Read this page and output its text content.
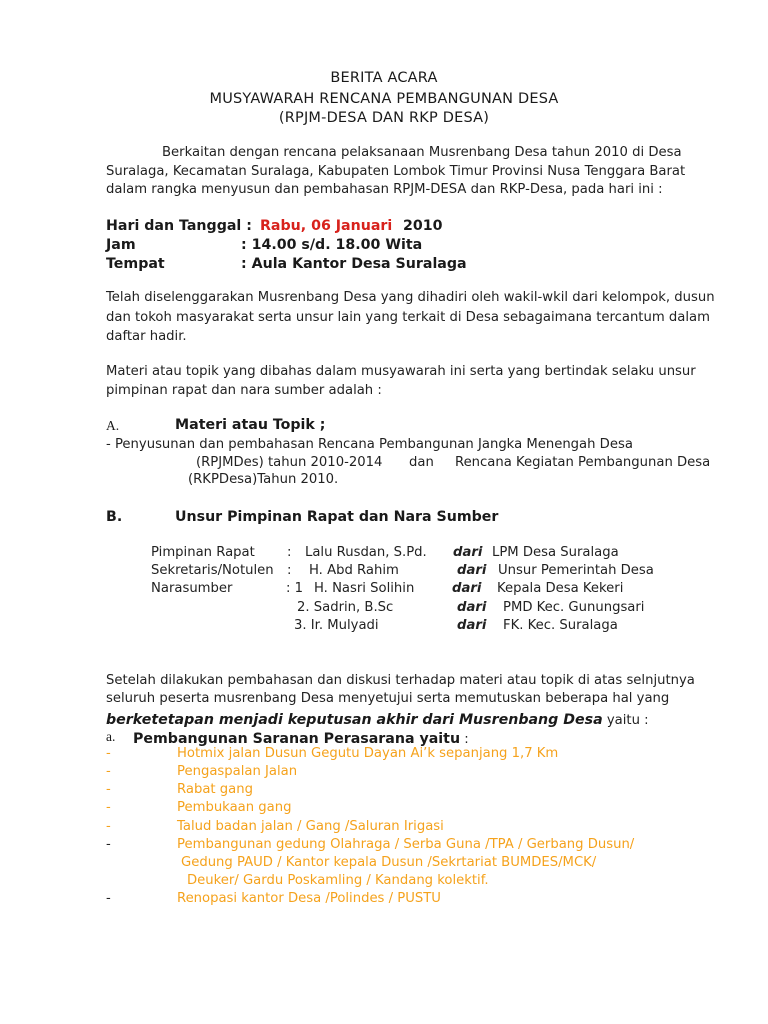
BERITA ACARA
MUSYAWARAH RENCANA PEMBANGUNAN DESA
(RPJM-DESA DAN RKP DESA)
Berkaitan dengan rencana pelaksanaan Musrenbang Desa tahun 2010 di Desa
Suralaga, Kecamatan Suralaga, Kabupaten Lombok Timur Provinsi Nusa Tenggara Barat
dalam rangka menyusun dan pembahasan RPJM-DESA dan RKP-Desa, pada hari ini :
Hari dan Tanggal : Rabu, 06 Januari 2010
Jam	: 14.00 s/d. 18.00 Wita
Tempat	: Aula Kantor Desa Suralaga
Telah diselenggarakan Musrenbang Desa yang dihadiri oleh wakil-wkil dari kelompok, dusun
dan tokoh masyarakat serta unsur lain yang terkait di Desa sebagaimana tercantum dalam
daftar hadir.
Materi atau topik yang dibahas dalam musyawarah ini serta yang bertindak selaku unsur
pimpinan rapat dan nara sumber adalah :
A.	Materi atau Topik ;
- Penyusunan dan pembahasan Rencana Pembangunan Jangka Menengah Desa
(RPJMDes) tahun 2010-2014 dan Rencana Kegiatan Pembangunan Desa
(RKPDesa)Tahun 2010.
B.	Unsur Pimpinan Rapat dan Nara Sumber
Pimpinan Rapat : Lalu Rusdan, S.Pd. dari LPM Desa Suralaga
Sekretaris/Notulen : H. Abd Rahim	dari Unsur Pemerintah Desa
Narasumber	: 1 H. Nasri Solihin	dari Kepala Desa Kekeri
2. Sadrin, B.Sc	dari PMD Kec. Gunungsari
3. Ir. Mulyadi	dari FK. Kec. Suralaga
Setelah dilakukan pembahasan dan diskusi terhadap materi atau topik di atas selnjutnya
seluruh peserta musrenbang Desa menyetujui serta memutuskan beberapa hal yang
berketetapan menjadi keputusan akhir dari Musrenbang Desa yaitu :
a. Pembangunan Saranan Perasarana yaitu :
-	Hotmix jalan Dusun Gegutu Dayan Ai’k sepanjang 1,7 Km
-	Pengaspalan Jalan
-	Rabat gang
-	Pembukaan gang
-	Talud badan jalan / Gang /Saluran Irigasi
-	Pembangunan gedung Olahraga / Serba Guna /TPA / Gerbang Dusun/
Gedung PAUD / Kantor kepala Dusun /Sekrtariat BUMDES/MCK/
Deuker/ Gardu Poskamling / Kandang kolektif.
-	Renopasi kantor Desa /Polindes / PUSTU
